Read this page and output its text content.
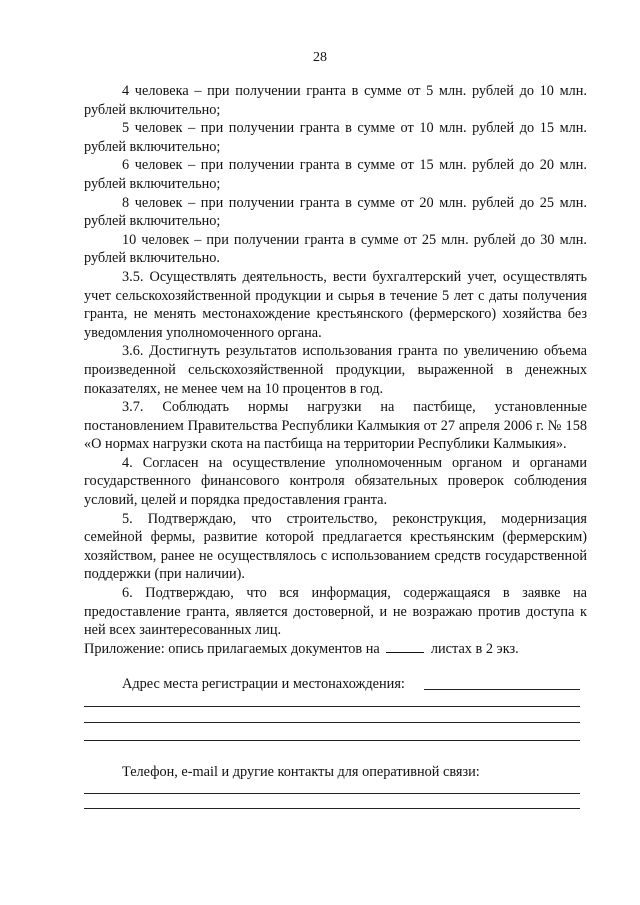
28

4 человека – при получении гранта в сумме от 5 млн. рублей до 10 млн. рублей включительно;

5 человек – при получении гранта в сумме от 10 млн. рублей до 15 млн. рублей включительно;

6 человек – при получении гранта в сумме от 15 млн. рублей до 20 млн. рублей включительно;

8 человек – при получении гранта в сумме от 20 млн. рублей до 25 млн. рублей включительно;

10 человек – при получении гранта в сумме от 25 млн. рублей до 30 млн. рублей включительно.

3.5. Осуществлять деятельность, вести бухгалтерский учет, осуществлять учет сельскохозяйственной продукции и сырья в течение 5 лет с даты получения гранта, не менять местонахождение крестьянского (фермерского) хозяйства без уведомления уполномоченного органа.

3.6. Достигнуть результатов использования гранта по увеличению объема произведенной сельскохозяйственной продукции, выраженной в денежных показателях, не менее чем на 10 процентов в год.

3.7. Соблюдать нормы нагрузки на пастбище, установленные постановлением Правительства Республики Калмыкия от 27 апреля 2006 г. № 158 «О нормах нагрузки скота на пастбища на территории Республики Калмыкия».

4. Согласен на осуществление уполномоченным органом и органами государственного финансового контроля обязательных проверок соблюдения условий, целей и порядка предоставления гранта.

5. Подтверждаю, что строительство, реконструкция, модернизация семейной фермы, развитие которой предлагается крестьянским (фермерским) хозяйством, ранее не осуществлялось с использованием средств государственной поддержки (при наличии).

6. Подтверждаю, что вся информация, содержащаяся в заявке на предоставление гранта, является достоверной, и не возражаю против доступа к ней всех заинтересованных лиц.

Приложение: опись прилагаемых документов на	листах в 2 экз.
Адрес места регистрации и местонахождения:
Телефон, e-mail и другие контакты для оперативной связи:
